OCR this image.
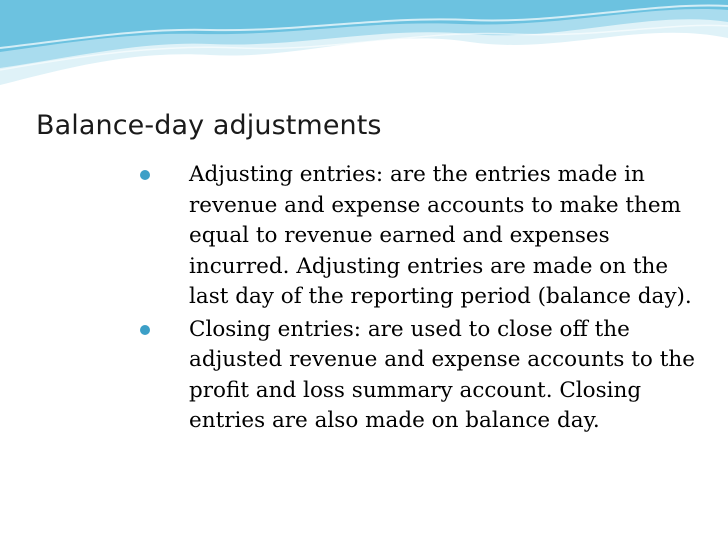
Balance-day adjustments
Adjusting entries: are the entries made in revenue and expense accounts to make them equal to revenue earned and expenses incurred. Adjusting entries are made on the last day of the reporting period (balance day).
Closing entries: are used to close off the adjusted revenue and expense accounts to the profit and loss summary account. Closing entries are also made on balance day.
